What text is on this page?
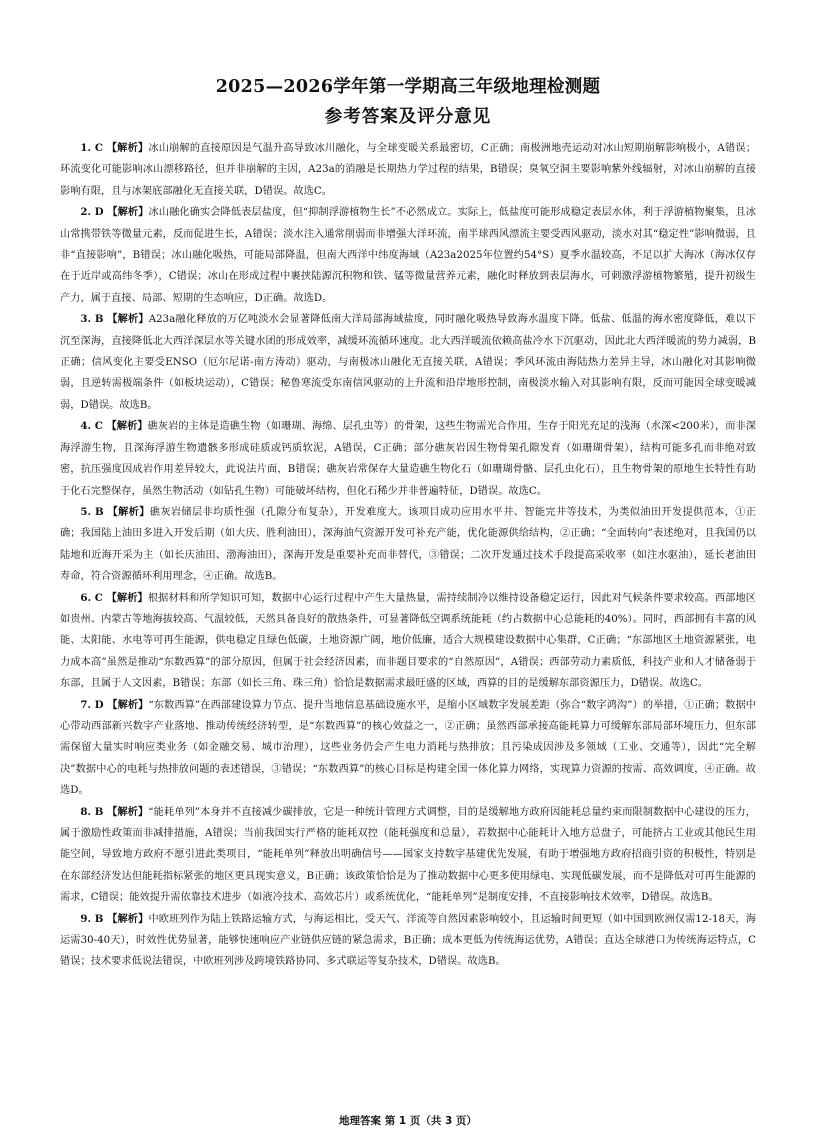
2025—2026学年第一学期高三年级地理检测题
参考答案及评分意见

1. C 【解析】冰山崩解的直接原因是气温升高导致冰川融化，与全球变暖关系最密切，C正确；南极洲地壳运动对冰山短期崩解影响极小，A错误；环流变化可能影响冰山漂移路径，但并非崩解的主因，A23a的消融是长期热力学过程的结果，B错误；臭氧空洞主要影响紫外线辐射，对冰山崩解的直接影响有限，且与冰架底部融化无直接关联，D错误。故选C。

2. D 【解析】冰山融化确实会降低表层盐度，但“抑制浮游植物生长”不必然成立。实际上，低盐度可能形成稳定表层水体，利于浮游植物聚集，且冰山常携带铁等微量元素，反而促进生长，A错误；淡水注入通常削弱而非增强大洋环流，南半球西风漂流主要受西风驱动，淡水对其“稳定性”影响微弱，且非“直接影响”，B错误；冰山融化吸热，可能局部降温，但南大西洋中纬度海域（A23a2025年位置约54°S）夏季水温较高，不足以扩大海冰（海冰仅存在于近岸或高纬冬季），C错误；冰山在形成过程中裹挟陆源沉积物和铁、锰等微量营养元素，融化时释放到表层海水，可刺激浮游植物繁殖，提升初级生产力，属于直接、局部、短期的生态响应，D正确。故选D。

3. B 【解析】A23a融化释放的万亿吨淡水会显著降低南大洋局部海域盐度，同时融化吸热导致海水温度下降。低盐、低温的海水密度降低，难以下沉至深海，直接降低北大西洋深层水等关键水团的形成效率，减缓环流循环速度。北大西洋暖流依赖高盐冷水下沉驱动，因此北大西洋暖流的势力减弱，B正确；信风变化主要受ENSO（厄尔尼诺-南方涛动）驱动，与南极冰山融化无直接关联，A错误；季风环流由海陆热力差异主导，冰山融化对其影响微弱，且逆转需极端条件（如板块运动），C错误；秘鲁寒流受东南信风驱动的上升流和沿岸地形控制，南极淡水输入对其影响有限，反而可能因全球变暖减弱，D错误。故选B。

4. C 【解析】礁灰岩的主体是造礁生物（如珊瑚、海绵、层孔虫等）的骨架，这些生物需光合作用，生存于阳光充足的浅海（水深<200米），而非深海浮游生物，且深海浮游生物遗骸多形成硅质或钙质软泥，A错误，C正确；部分礁灰岩因生物骨架孔隙发育（如珊瑚骨架），结构可能多孔而非绝对致密，抗压强度因成岩作用差异较大，此说法片面，B错误；礁灰岩常保存大量造礁生物化石（如珊瑚骨骼、层孔虫化石），且生物骨架的原地生长特性有助于化石完整保存，虽然生物活动（如钻孔生物）可能破坏结构，但化石稀少并非普遍特征，D错误。故选C。

5. B 【解析】礁灰岩储层非均质性强（孔隙分布复杂），开发难度大。该项目成功应用水平井、智能完井等技术，为类似油田开发提供范本，①正确；我国陆上油田多进入开发后期（如大庆、胜利油田），深海油气资源开发可补充产能，优化能源供给结构，②正确；“全面转向”表述绝对，且我国仍以陆地和近海开采为主（如长庆油田、渤海油田），深海开发是重要补充而非替代，③错误；二次开发通过技术手段提高采收率（如注水驱油），延长老油田寿命，符合资源循环利用理念，④正确。故选B。

6. C 【解析】根据材料和所学知识可知，数据中心运行过程中产生大量热量，需持续制冷以维持设备稳定运行，因此对气候条件要求较高。西部地区如贵州、内蒙古等地海拔较高、气温较低，天然具备良好的散热条件，可显著降低空调系统能耗（约占数据中心总能耗的40%）。同时，西部拥有丰富的风能、太阳能、水电等可再生能源，供电稳定且绿色低碳，土地资源广阔，地价低廉，适合大规模建设数据中心集群，C正确；“东部地区土地资源紧张，电力成本高”虽然是推动“东数西算”的部分原因，但属于社会经济因素，而非题目要求的“自然原因”，A错误；西部劳动力素质低，科技产业和人才储备弱于东部，且属于人文因素，B错误；东部（如长三角、珠三角）恰恰是数据需求最旺盛的区域，西算的目的是缓解东部资源压力，D错误。故选C。

7. D 【解析】“东数西算”在西部建设算力节点、提升当地信息基础设施水平，是缩小区域数字发展差距（弥合“数字鸿沟”）的举措，①正确；数据中心带动西部新兴数字产业落地、推动传统经济转型，是“东数西算”的核心效益之一，②正确；虽然西部承接高能耗算力可缓解东部局部环境压力，但东部需保留大量实时响应类业务（如金融交易、城市治理），这些业务仍会产生电力消耗与热排放；且污染成因涉及多领域（工业、交通等），因此“完全解决”数据中心的电耗与热排放问题的表述错误，③错误；“东数西算”的核心目标是构建全国一体化算力网络，实现算力资源的按需、高效调度，④正确。故选D。

8. B 【解析】“能耗单列”本身并不直接减少碳排放，它是一种统计管理方式调整，目的是缓解地方政府因能耗总量约束而限制数据中心建设的压力，属于激励性政策而非减排措施，A错误；当前我国实行严格的能耗双控（能耗强度和总量），若数据中心能耗计入地方总盘子，可能挤占工业或其他民生用能空间，导致地方政府不愿引进此类项目，“能耗单列”释放出明确信号——国家支持数字基建优先发展，有助于增强地方政府招商引资的积极性，特别是在东部经济发达但能耗指标紧张的地区更具现实意义，B正确；该政策恰恰是为了推动数据中心更多使用绿电、实现低碳发展，而不是降低对可再生能源的需求，C错误；能效提升需依靠技术进步（如液冷技术、高效芯片）或系统优化，“能耗单列”是制度安排，不直接影响技术效率，D错误。故选B。

9. B 【解析】中欧班列作为陆上铁路运输方式，与海运相比，受天气、洋流等自然因素影响较小，且运输时间更短（如中国到欧洲仅需12-18天，海运需30-40天），时效性优势显著，能够快速响应产业链供应链的紧急需求，B正确；成本更低为传统海运优势，A错误；直达全球港口为传统海运特点，C错误；技术要求低说法错误，中欧班列涉及跨境铁路协同、多式联运等复杂技术，D错误。故选B。

地理答案 第 1 页（共 3 页）
